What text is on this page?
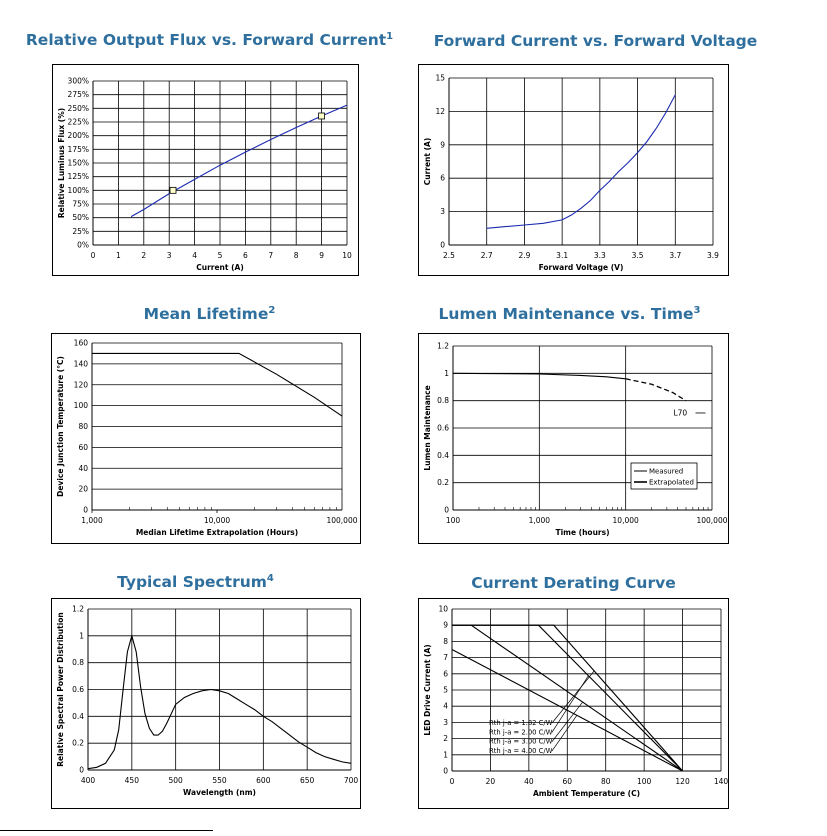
Relative Output Flux vs. Forward Current$^1$
0%
25%
50%
75%
100%
125%
150%
175%
200%
225%
250%
275%
300%
0	1	2	3	4	5	6	7	8	9 10
Current (A)
Relative Luminus Flux (%)
Forward Current vs. Forward Voltage
0
3
6
9
12
15
2.5	2.7	2.9	3.1	3.3	3.5	3.7	3.9
Forward Voltage (V)
Current (A)
Mean Lifetime$^2$
0
20
40
60
80
100
120
140
160
1,000	10,000	100,000
Median Lifetime Extrapolation (Hours)
Device Junction Temperature (°C)
Lumen Maintenance vs. Time$^3$
0
0.2
0.4
0.6
0.8
1
1.2
100	1,000	10,000	100,000
Time (hours)
Lumen Maintenance	L70
Measured
Extrapolated
Typical Spectrum$^4$
0
0.2
0.4
0.6
0.8
1
1.2
400	450	500	550	600	650	700
Wavelength (nm)
Relative Spectral Power Distribution
Current Derating Curve
0
1
2
3
4
5
6
7
8
9
10
0	20	40	60	80	100	120	140
Ambient Temperature (C)
LED Drive Current (A)	Rth j-a = 1.82 C/W
Rth j-a = 2.00 C/W
Rth j-a = 3.00 C/W
Rth j-a = 4.00 C/W
